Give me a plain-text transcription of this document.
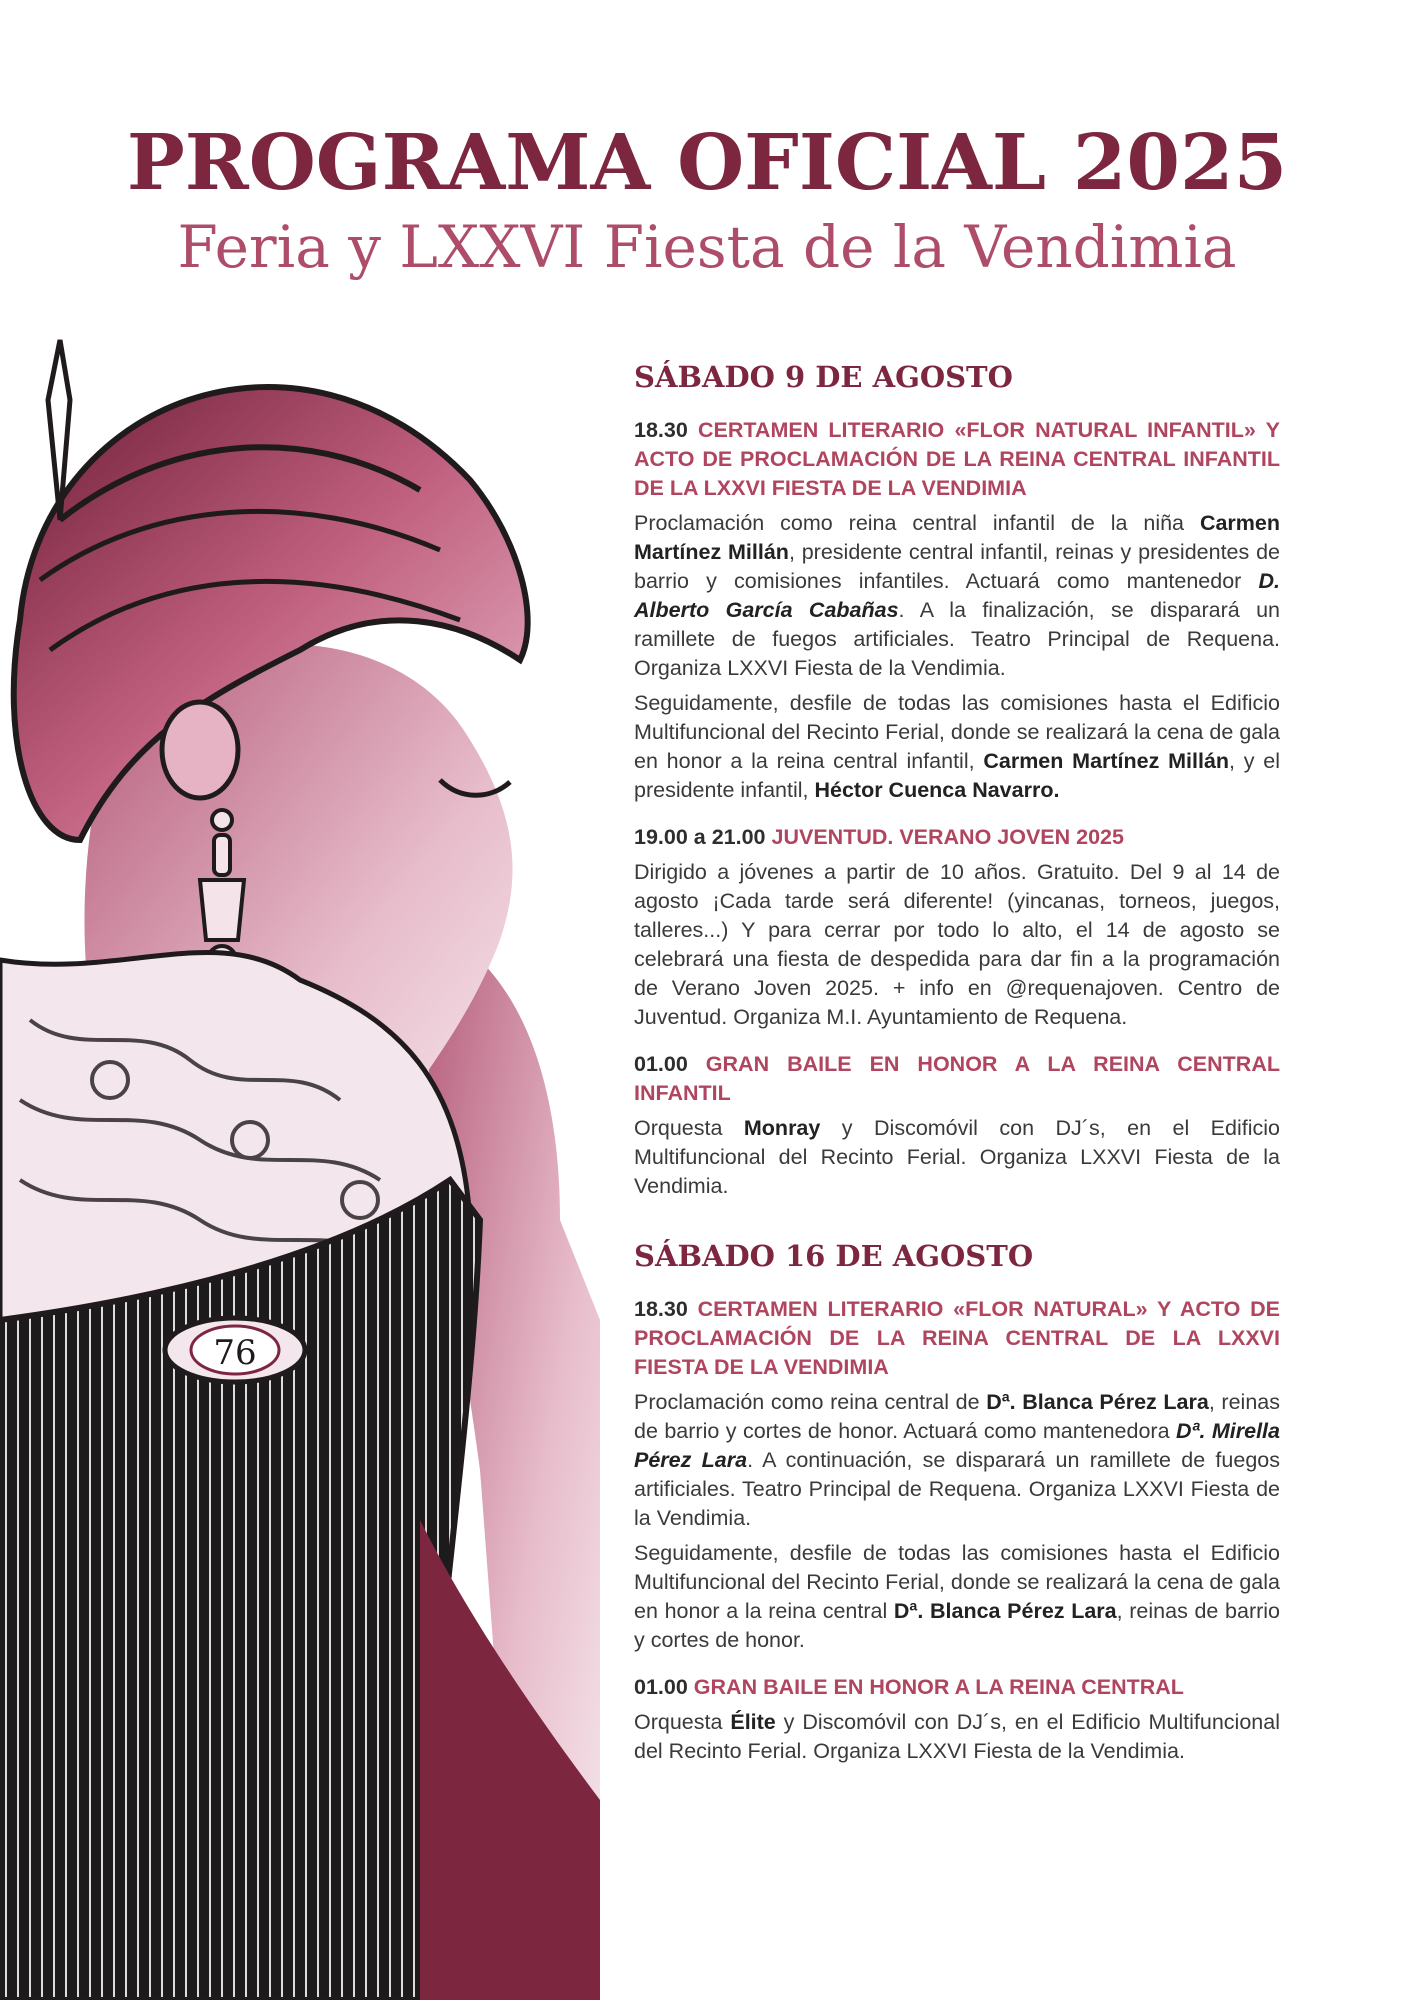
PROGRAMA OFICIAL 2025
Feria y LXXVI Fiesta de la Vendimia
76
SÁBADO 9 DE AGOSTO
18.30 CERTAMEN LITERARIO «FLOR NATURAL INFANTIL» Y ACTO DE PROCLAMACIÓN DE LA REINA CENTRAL INFANTIL DE LA LXXVI FIESTA DE LA VENDIMIA

Proclamación como reina central infantil de la niña Carmen Martínez Millán, presidente central infantil, reinas y presidentes de barrio y comisiones infantiles. Actuará como mantenedor D. Alberto García Cabañas. A la finalización, se disparará un ramillete de fuegos artificiales. Teatro Principal de Requena. Organiza LXXVI Fiesta de la Vendimia.

Seguidamente, desfile de todas las comisiones hasta el Edificio Multifuncional del Recinto Ferial, donde se realizará la cena de gala en honor a la reina central infantil, Carmen Martínez Millán, y el presidente infantil, Héctor Cuenca Navarro.

19.00 a 21.00 JUVENTUD. VERANO JOVEN 2025

Dirigido a jóvenes a partir de 10 años. Gratuito. Del 9 al 14 de agosto ¡Cada tarde será diferente! (yincanas, torneos, juegos, talleres...) Y para cerrar por todo lo alto, el 14 de agosto se celebrará una fiesta de despedida para dar fin a la programación de Verano Joven 2025. + info en @requenajoven. Centro de Juventud. Organiza M.I. Ayuntamiento de Requena.

01.00 GRAN BAILE EN HONOR A LA REINA CENTRAL INFANTIL

Orquesta Monray y Discomóvil con DJ´s, en el Edificio Multifuncional del Recinto Ferial. Organiza LXXVI Fiesta de la Vendimia.

SÁBADO 16 DE AGOSTO
18.30 CERTAMEN LITERARIO «FLOR NATURAL» Y ACTO DE PROCLAMACIÓN DE LA REINA CENTRAL DE LA LXXVI FIESTA DE LA VENDIMIA

Proclamación como reina central de Dª. Blanca Pérez Lara, reinas de barrio y cortes de honor. Actuará como mantenedora Dª. Mirella Pérez Lara. A continuación, se disparará un ramillete de fuegos artificiales. Teatro Principal de Requena. Organiza LXXVI Fiesta de la Vendimia.

Seguidamente, desfile de todas las comisiones hasta el Edificio Multifuncional del Recinto Ferial, donde se realizará la cena de gala en honor a la reina central Dª. Blanca Pérez Lara, reinas de barrio y cortes de honor.

01.00 GRAN BAILE EN HONOR A LA REINA CENTRAL

Orquesta Élite y Discomóvil con DJ´s, en el Edificio Multifuncional del Recinto Ferial. Organiza LXXVI Fiesta de la Vendimia.
